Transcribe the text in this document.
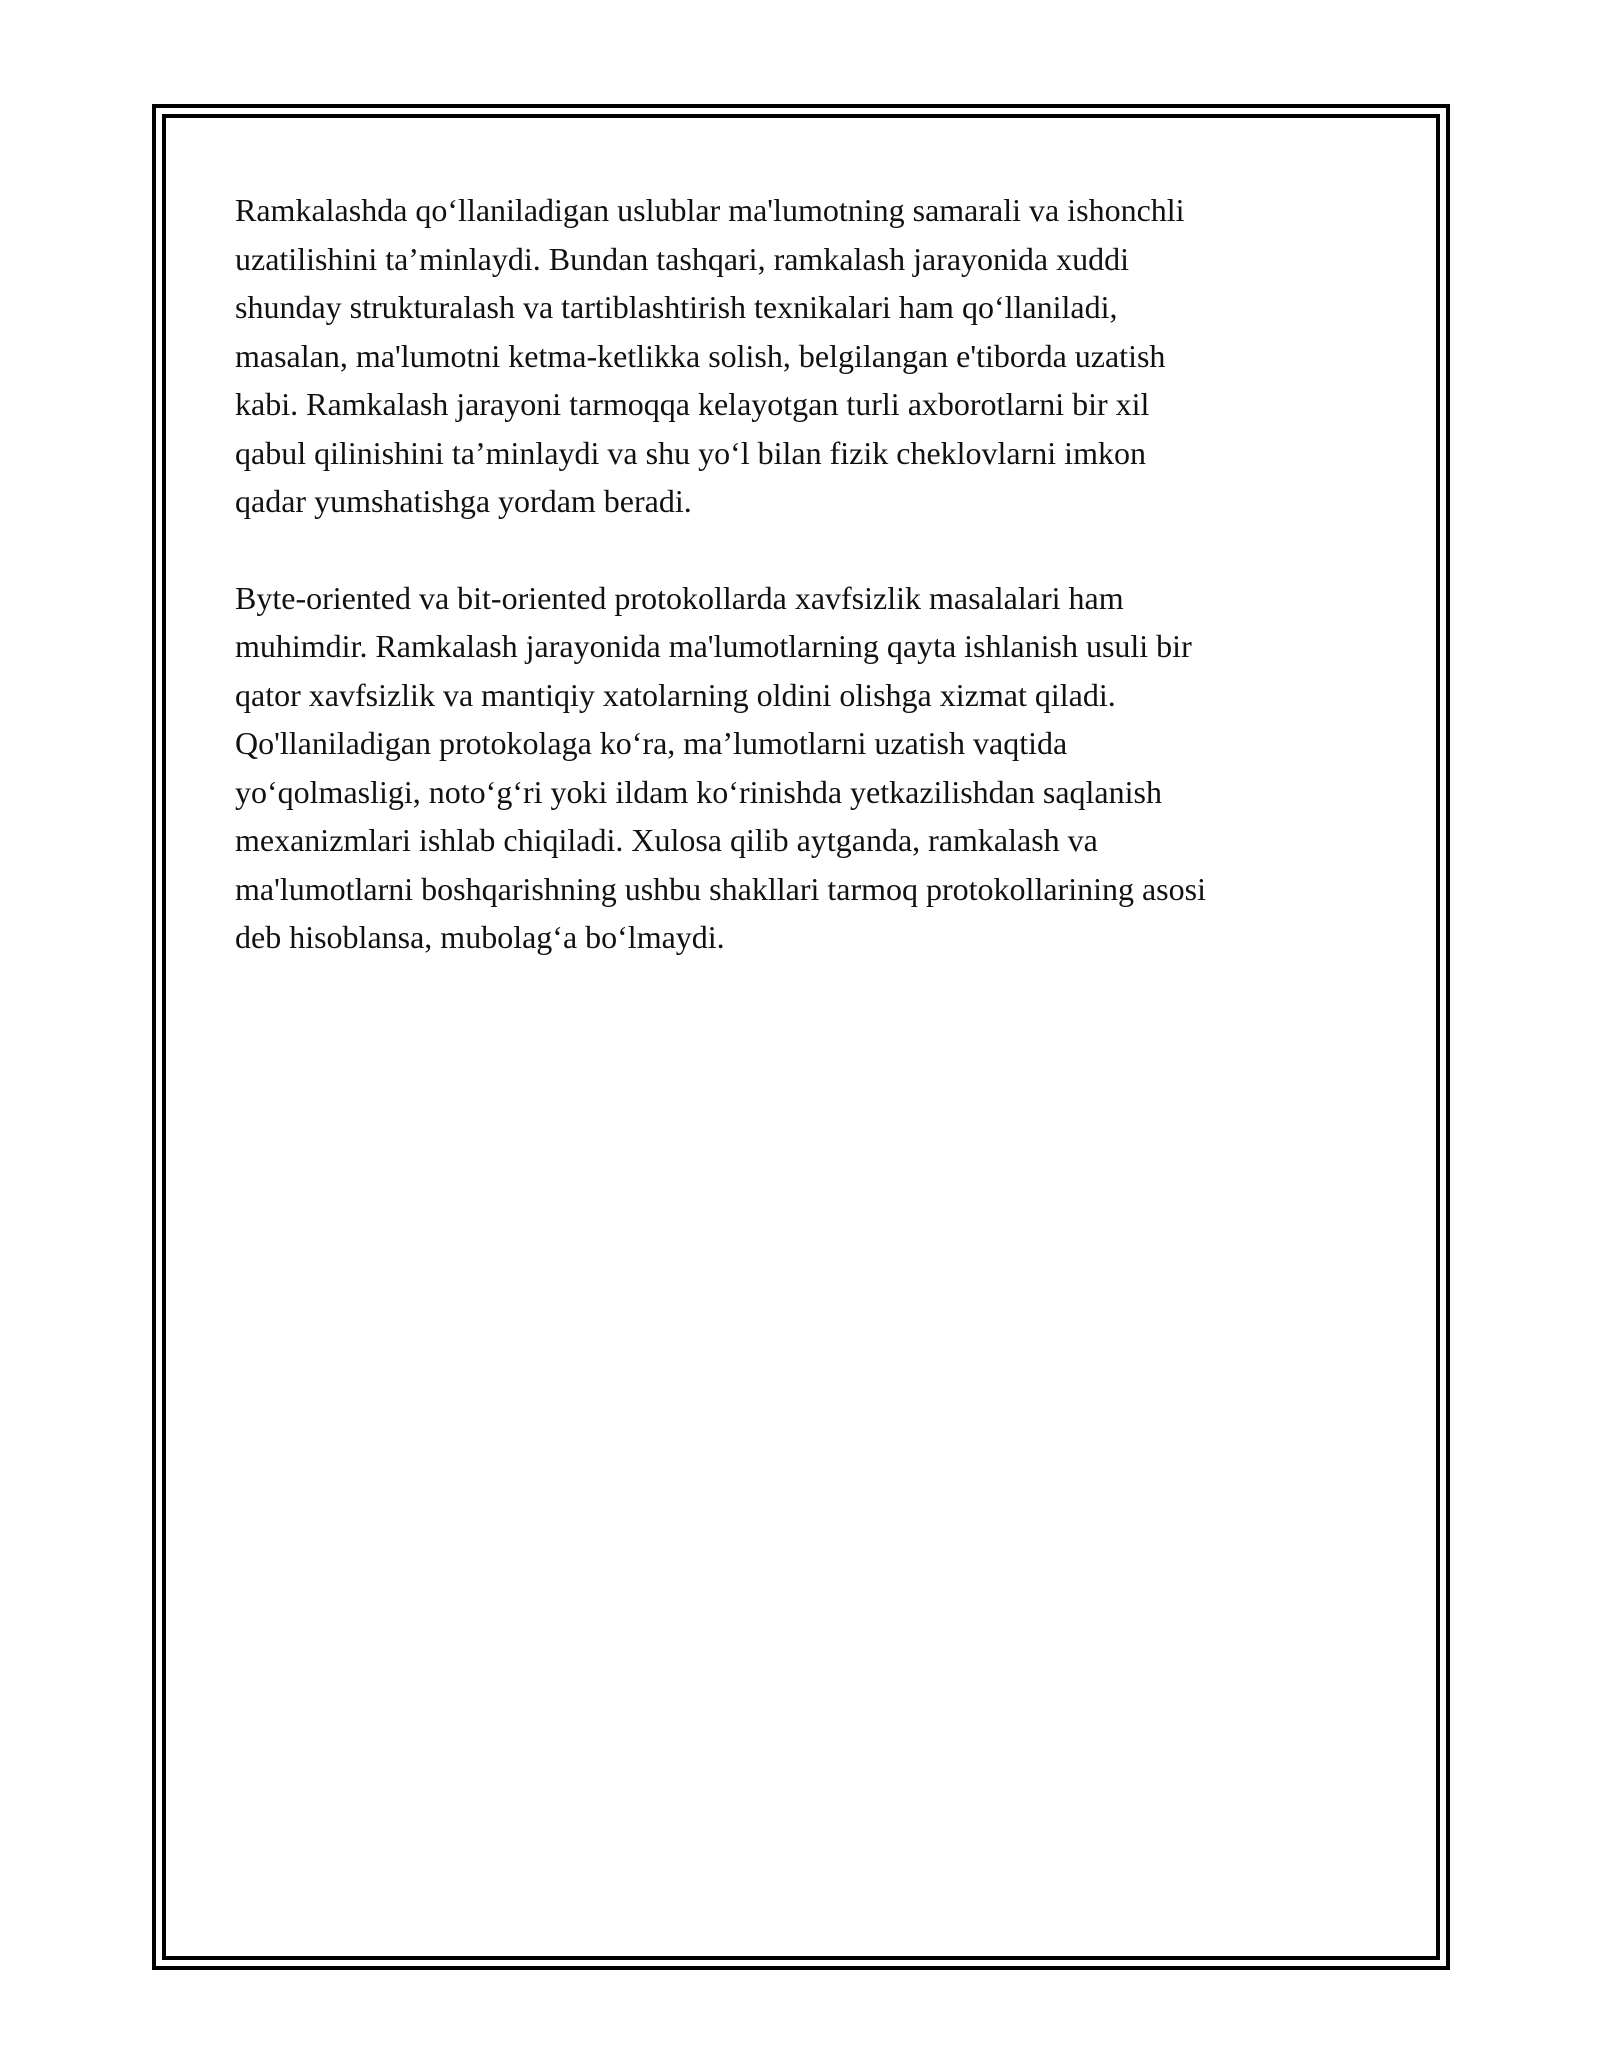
Ramkalashda qo‘llaniladigan uslublar ma'lumotning samarali va ishonchli
uzatilishini ta’minlaydi. Bundan tashqari, ramkalash jarayonida xuddi
shunday strukturalash va tartiblashtirish texnikalari ham qo‘llaniladi,
masalan, ma'lumotni ketma-ketlikka solish, belgilangan e'tiborda uzatish
kabi. Ramkalash jarayoni tarmoqqa kelayotgan turli axborotlarni bir xil
qabul qilinishini ta’minlaydi va shu yo‘l bilan fizik cheklovlarni imkon
qadar yumshatishga yordam beradi.

Byte-oriented va bit-oriented protokollarda xavfsizlik masalalari ham
muhimdir. Ramkalash jarayonida ma'lumotlarning qayta ishlanish usuli bir
qator xavfsizlik va mantiqiy xatolarning oldini olishga xizmat qiladi.
Qo'llaniladigan protokolaga ko‘ra, ma’lumotlarni uzatish vaqtida
yo‘qolmasligi, noto‘g‘ri yoki ildam ko‘rinishda yetkazilishdan saqlanish
mexanizmlari ishlab chiqiladi. Xulosa qilib aytganda, ramkalash va
ma'lumotlarni boshqarishning ushbu shakllari tarmoq protokollarining asosi
deb hisoblansa, mubolag‘a bo‘lmaydi.
